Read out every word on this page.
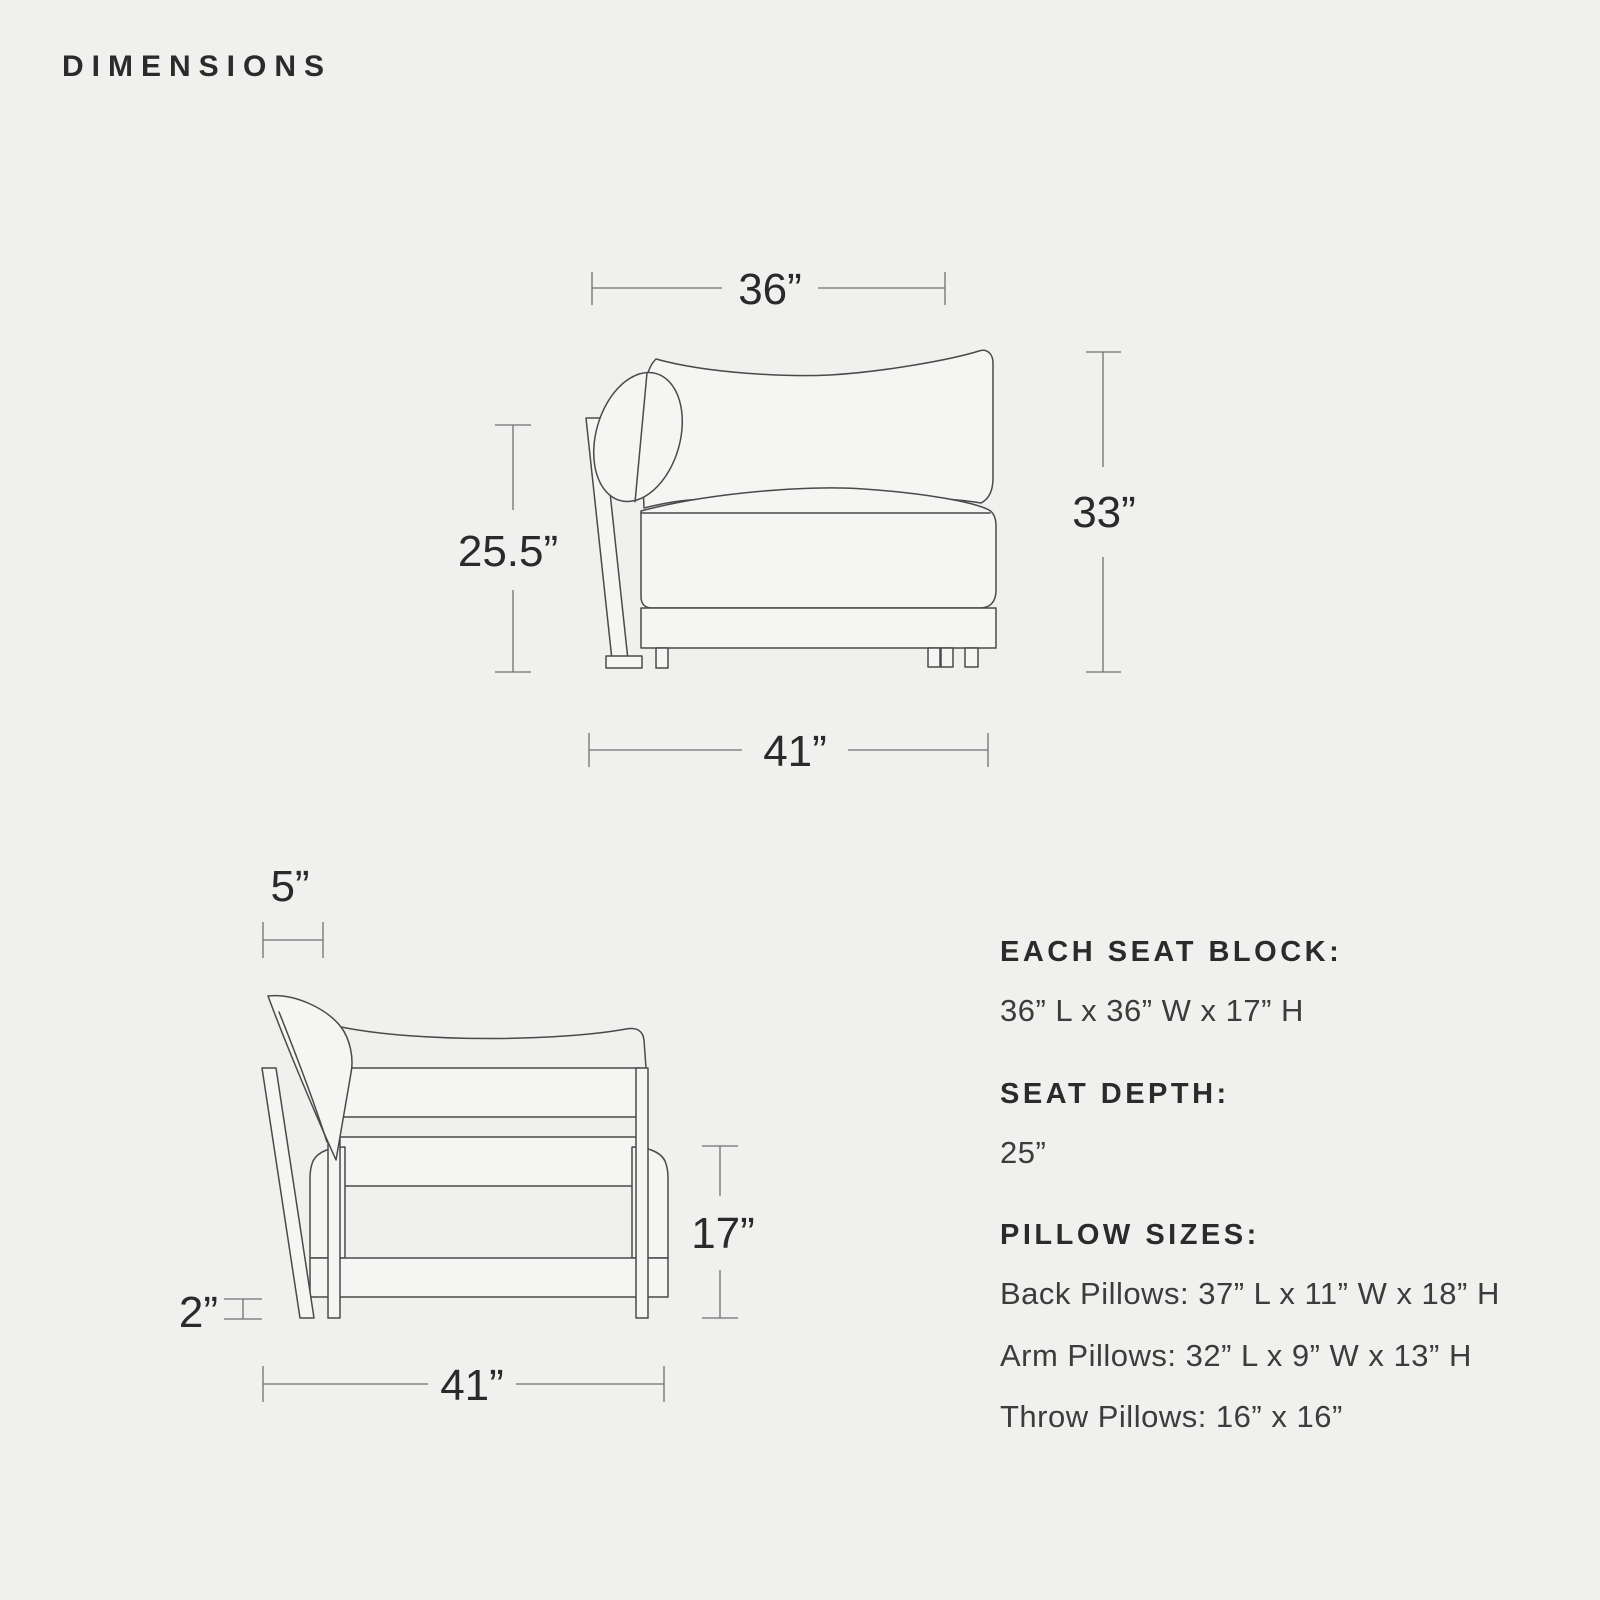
DIMENSIONS
36”
33”
25.5”
41”
5”
2”
17”
41”

EACH SEAT BLOCK:

36” L x 36” W x 17” H

SEAT DEPTH:

25”

PILLOW SIZES:

Back Pillows: 37” L x 11” W x 18” H

Arm Pillows: 32” L x 9” W x 13” H

Throw Pillows: 16” x 16”
